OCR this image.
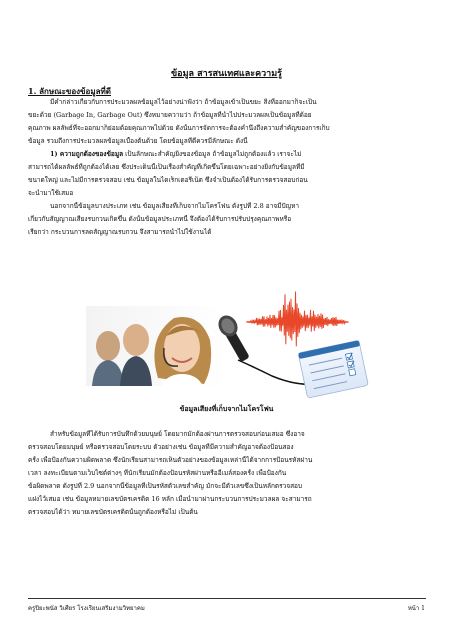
ข้อมูล สารสนเทศและความรู้
1. ลักษณะของข้อมูลที่ดี
มีคำกล่าวเกี่ยวกับการประมวลผลข้อมูลไว้อย่างน่าฟังว่า ถ้าข้อมูลเข้าเป็นขยะ สิ่งที่ออกมาก็จะเป็น
ขยะด้วย (Garbage In, Garbage Out) ซึ่งหมายความว่า ถ้าข้อมูลที่นำไปประมวลผลเป็นข้อมูลที่ด้อย
คุณภาพ ผลลัพธ์ที่จะออกมาก็ย่อมด้อยคุณภาพไปด้วย ดังนั้นการจัดการจะต้องคำนึงถึงความสำคัญของการเก็บ
ข้อมูล รวมถึงการประมวลผลข้อมูลเบื้องต้นด้วย โดยข้อมูลที่ดีควรมีลักษณะ ดังนี้
1) ความถูกต้องของข้อมูล เป็นลักษณะสำคัญยิ่งของข้อมูล ถ้าข้อมูลไม่ถูกต้องแล้ว เราจะไม่
สามารถได้ผลลัพธ์ที่ถูกต้องได้เลย ซึ่งประเด็นนี้เป็นเรื่องสำคัญที่เกิดขึ้นโดยเฉพาะอย่างยิ่งกับข้อมูลที่มี
ขนาดใหญ่ และไม่มีการตรวจสอบ เช่น ข้อมูลในไดเร็กเตอรีเน็ต ซึ่งจำเป็นต้องได้รับการตรวจสอบก่อน
จะนำมาใช้เสมอ
นอกจากนี้ข้อมูลบางประเภท เช่น ข้อมูลเสียงที่เก็บจากไมโครโฟน ดังรูปที่ 2.8 อาจมีปัญหา
เกี่ยวกับสัญญาณเสียงรบกวนเกิดขึ้น ดังนั้นข้อมูลประเภทนี้ จึงต้องได้รับการปรับปรุงคุณภาพหรือ
เรียกว่า กระบวนการลดสัญญาณรบกวน จึงสามารถนำไปใช้งานได้
ข้อมูลเสียงที่เก็บจากไมโครโฟน
สำหรับข้อมูลที่ได้รับการบันทึกด้วยมนุษย์ โดยมากมักต้องผ่านการตรวจสอบก่อนเสมอ ซึ่งอาจ
ตรวจสอบโดยมนุษย์ หรือตรวจสอบโดยระบบ ตัวอย่างเช่น ข้อมูลที่มีความสำคัญอาจต้องป้อนสอง
ครั้ง เพื่อป้องกันความผิดพลาด ซึ่งนักเรียนสามารถเห็นตัวอย่างของข้อมูลเหล่านี้ได้จากการป้อนรหัสผ่าน
เวลา ลงทะเบียนตามเว็บไซต์ต่างๆ ที่นักเรียนมักต้องป้อนรหัสผ่านหรืออีเมล์สองครั้ง เพื่อป้องกัน
ข้อผิดพลาด ดังรูปที่ 2.9 นอกจากนี้ข้อมูลที่เป็นรหัสตัวเลขสำคัญ มักจะมีตัวเลขซึ่งเป็นหลักตรวจสอบ
แฝงไว้เสมอ เช่น ข้อมูลหมายเลขบัตรเครดิต 16 หลัก เมื่อนำมาผ่านกระบวนการประมวลผล จะสามารถ
ตรวจสอบได้ว่า หมายเลขบัตรเครดิตนั้นถูกต้องหรือไม่ เป็นต้น
ครูปิยะพนัส วิเศียร โรงเรียนเสริมงามวิทยาคม	หน้า 1
